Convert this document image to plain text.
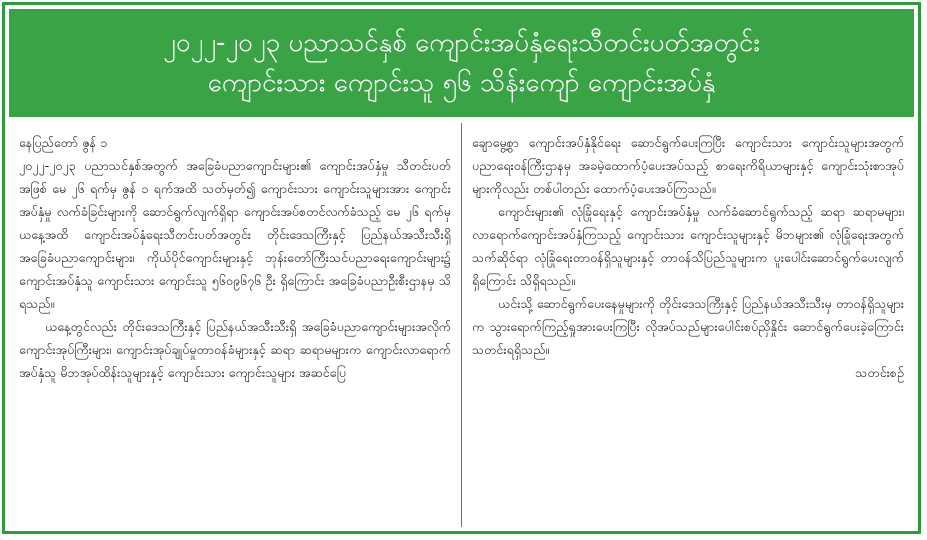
၂၀၂၂-၂၀၂၃ ပညာသင်နှစ် ကျောင်းအပ်နှံရေးသီတင်းပတ်အတွင်း
ကျောင်းသား ကျောင်းသူ ၅၆ သိန်းကျော် ကျောင်းအပ်နှံ

နေပြည်တော် ဇွန် ၁

၂၀၂၂-၂၀၂၃ ပညာသင်နှစ်အတွက် အခြေခံပညာကျောင်းများ၏ ကျောင်းအပ်နှံမှု သီတင်းပတ်အဖြစ် မေ ၂၆ ရက်မှ ဇွန် ၁ ရက်အထိ သတ်မှတ်၍ ကျောင်းသား ကျောင်းသူများအား ကျောင်းအပ်နှံမှု လက်ခံခြင်းများကို ဆောင်ရွက်လျက်ရှိရာ ကျောင်းအပ်စတင်လက်ခံသည့် မေ ၂၆ ရက်မှ ယနေ့အထိ ကျောင်းအပ်နှံရေးသီတင်းပတ်အတွင်း တိုင်းဒေသကြီးနှင့် ပြည်နယ်အသီးသီးရှိ အခြေခံပညာကျောင်းများ၊ ကိုယ်ပိုင်ကျောင်းများနှင့် ဘုန်းတော်ကြီးသင်ပညာရေးကျောင်းများ၌ ကျောင်းအပ်နှံသူ ကျောင်းသား ကျောင်းသူ ၅၆၀၉၆၇၆ ဦး ရှိကြောင်း အခြေခံပညာဦးစီးဌာနမှ သိရသည်။

ယနေ့တွင်လည်း တိုင်းဒေသကြီးနှင့် ပြည်နယ်အသီးသီးရှိ အခြေခံပညာကျောင်းများအလိုက် ကျောင်းအုပ်ကြီးများ၊ ကျောင်းအုပ်ချုပ်မှုတာဝန်ခံများနှင့် ဆရာ ဆရာမများက ကျောင်းလာရောက်အပ်နှံသူ မိဘအုပ်ထိန်းသူများနှင့် ကျောင်းသား ကျောင်းသူများ အဆင်ပြေ

ချောမွေ့စွာ ကျောင်းအပ်နှံနိုင်ရေး ဆောင်ရွက်ပေးကြပြီး ကျောင်းသား ကျောင်းသူများအတွက် ပညာရေးဝန်ကြီးဌာနမှ အခမဲ့ထောက်ပံ့ပေးအပ်သည့် စာရေးကိရိယာများနှင့် ကျောင်းသုံးစာအုပ်များကိုလည်း တစ်ပါတည်း ထောက်ပံ့ပေးအပ်ကြသည်။

ကျောင်းများ၏ လုံခြုံရေးနှင့် ကျောင်းအပ်နှံမှု လက်ခံဆောင်ရွက်သည့် ဆရာ ဆရာမများ၊ လာရောက်ကျောင်းအပ်နှံကြသည့် ကျောင်းသား ကျောင်းသူများနှင့် မိဘများ၏ လုံခြုံရေးအတွက် သက်ဆိုင်ရာ လုံခြုံရေးတာဝန်ရှိသူများနှင့် တာဝန်သိပြည်သူများက ပူးပေါင်းဆောင်ရွက်ပေးလျက်ရှိကြောင်း သိရှိရသည်။

ယင်းသို့ ဆောင်ရွက်ပေးနေမှုများကို တိုင်းဒေသကြီးနှင့် ပြည်နယ်အသီးသီးမှ တာဝန်ရှိသူများက သွားရောက်ကြည့်ရှုအားပေးကြပြီး လိုအပ်သည်များပေါင်းစပ်ညှိနှိုင်း ဆောင်ရွက်ပေးခဲ့ကြောင်း သတင်းရရှိသည်။

သတင်းစဉ်
